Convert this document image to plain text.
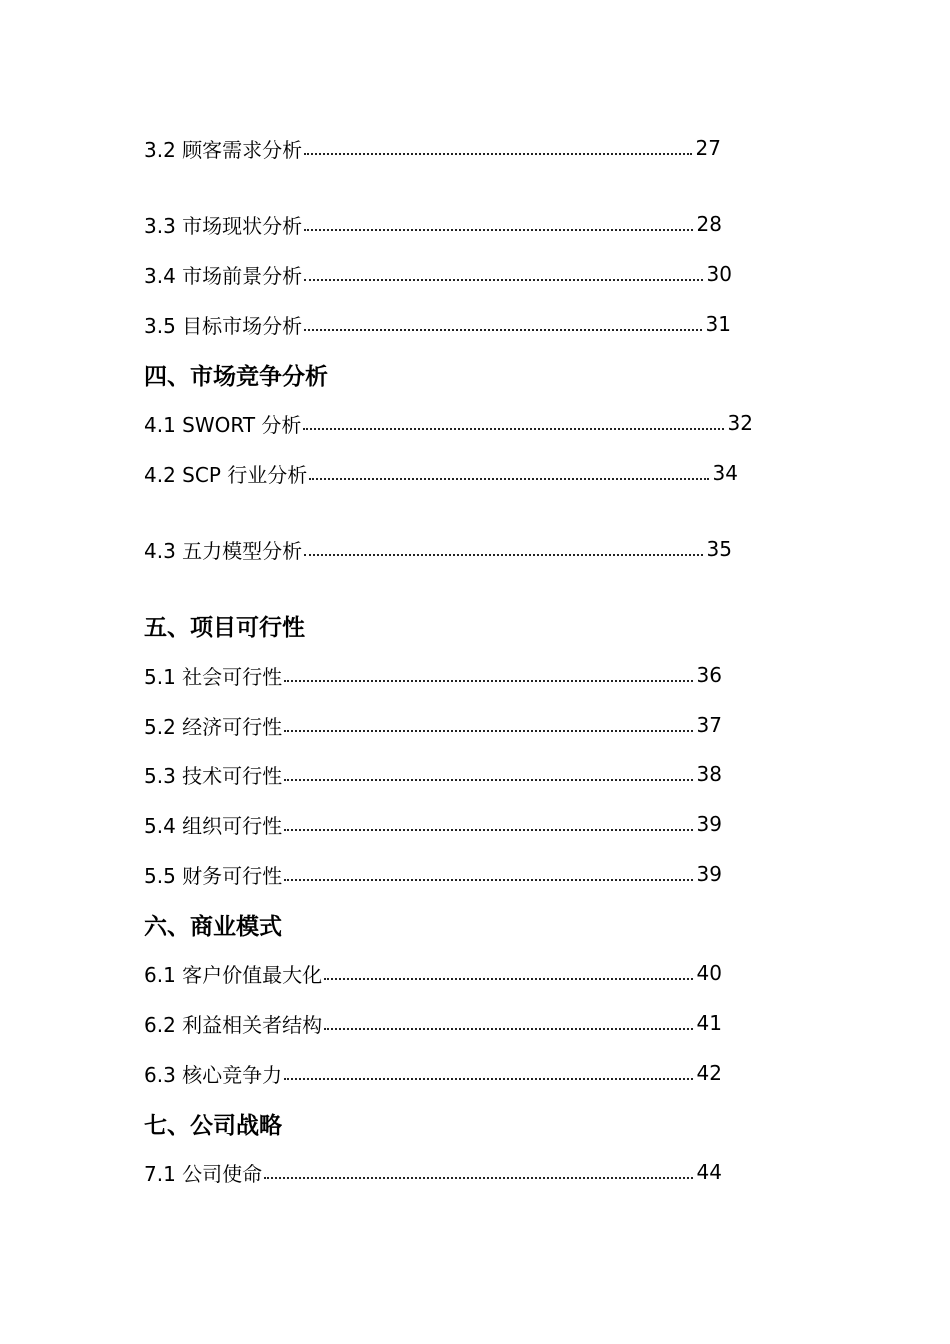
3.2 顾客需求分析	27
3.3 市场现状分析	28
3.4 市场前景分析	30
3.5 目标市场分析	31
四、市场竞争分析
4.1 SWORT 分析	32
4.2 SCP 行业分析	34
4.3 五力模型分析	35
五、项目可行性
5.1 社会可行性	36
5.2 经济可行性	37
5.3 技术可行性	38
5.4 组织可行性	39
5.5 财务可行性	39
六、商业模式
6.1 客户价值最大化	40
6.2 利益相关者结构	41
6.3 核心竞争力	42
七、公司战略
7.1 公司使命	44
